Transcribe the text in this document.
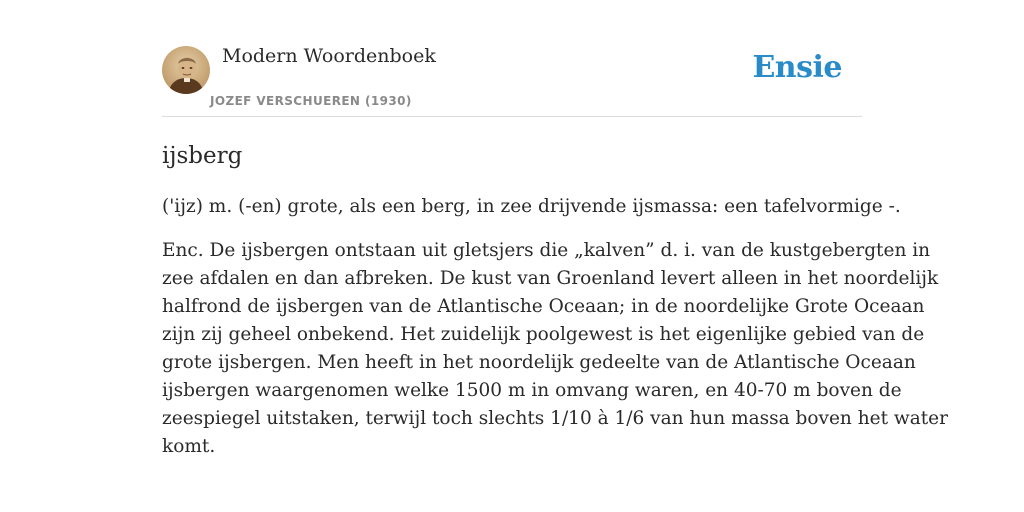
Modern Woordenboek
JOZEF VERSCHUEREN (1930)
Ensie
ijsberg

('ijz) m. (-en) grote, als een berg, in zee drijvende ijsmassa: een tafelvormige -.

Enc. De ijsbergen ontstaan uit gletsjers die „kalven” d. i. van de kustgebergten in
zee afdalen en dan afbreken. De kust van Groenland levert alleen in het noordelijk
halfrond de ijsbergen van de Atlantische Oceaan; in de noordelijke Grote Oceaan
zijn zij geheel onbekend. Het zuidelijk poolgewest is het eigenlijke gebied van de
grote ijsbergen. Men heeft in het noordelijk gedeelte van de Atlantische Oceaan
ijsbergen waargenomen welke 1500 m in omvang waren, en 40-70 m boven de
zeespiegel uitstaken, terwijl toch slechts 1/10 à 1/6 van hun massa boven het water
komt.
